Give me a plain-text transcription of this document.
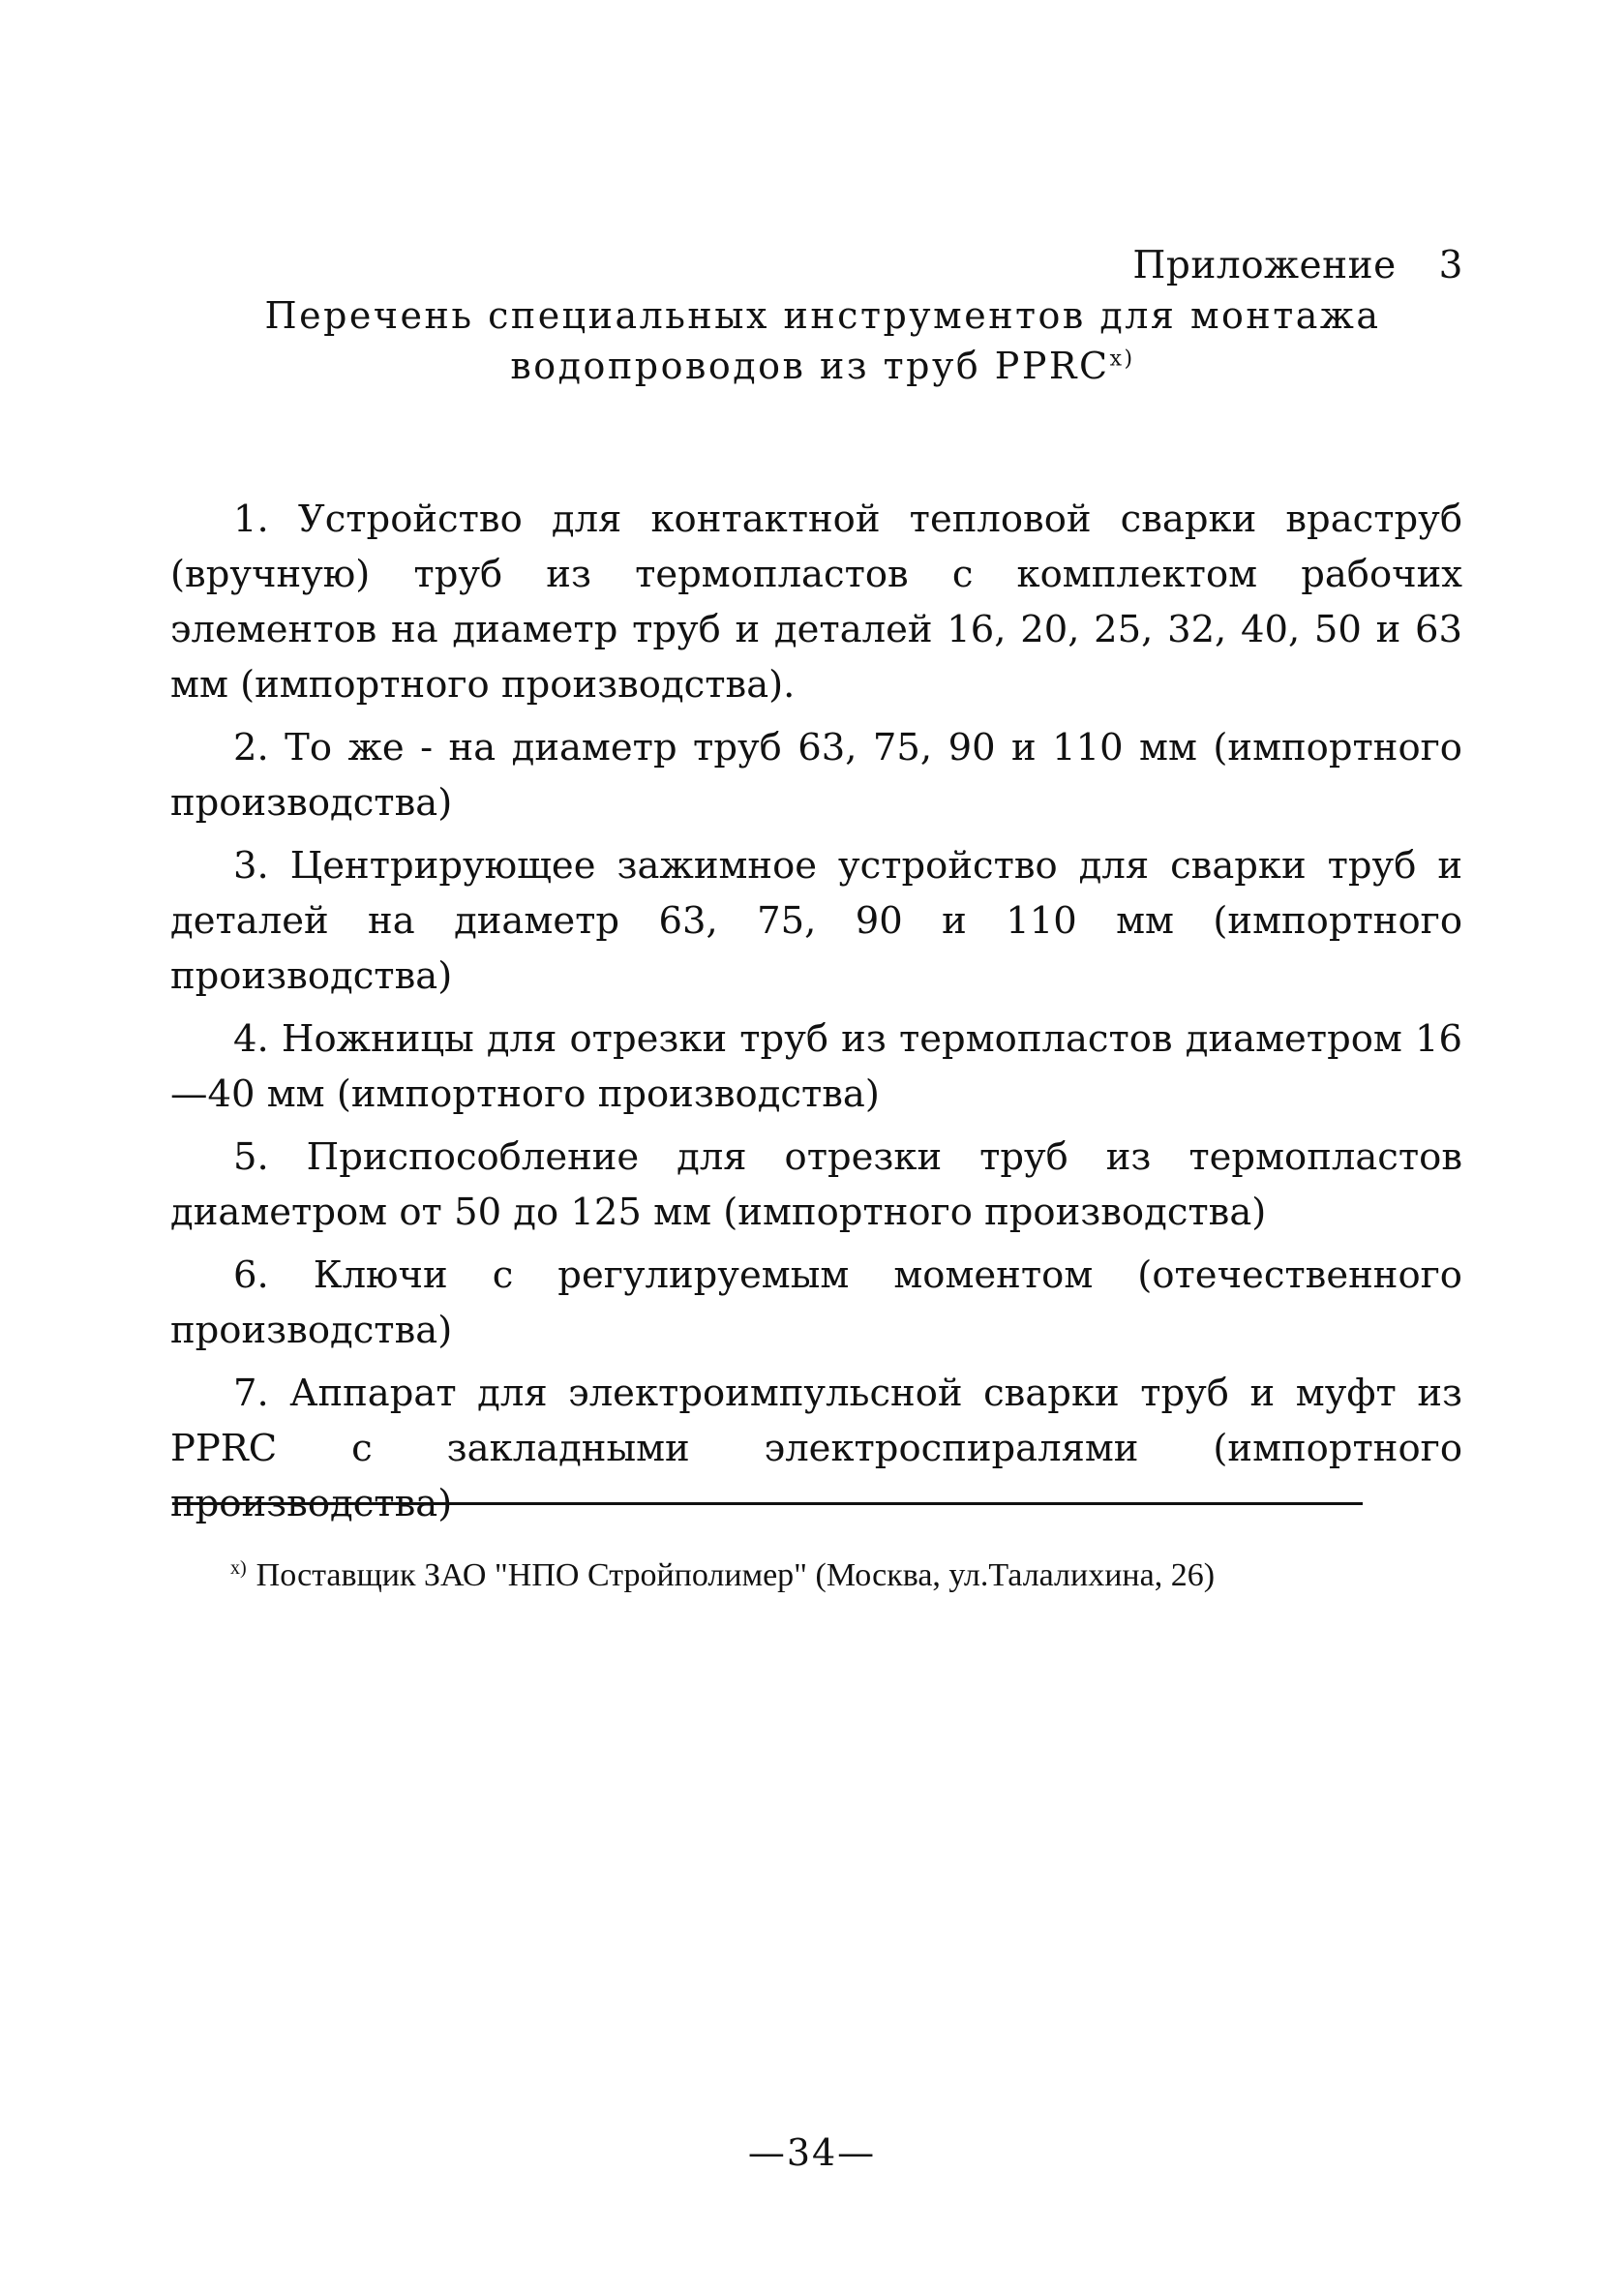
Приложение 3
Перечень специальных инструментов для монтажа
водопроводов из труб $PPRC^{х)}$

1. Устройство для контактной тепловой сварки враструб (вручную) труб из термопластов с комплектом рабочих элементов на диаметр труб и деталей 16, 20, 25, 32, 40, 50 и 63 мм (импортного производства).

2. То же - на диаметр труб 63, 75, 90 и 110 мм (импортного производства)

3. Центрирующее зажимное устройство для сварки труб и деталей на диаметр 63, 75, 90 и 110 мм (импортного производства)

4. Ножницы для отрезки труб из термопластов диаметром 16—40 мм (импортного производства)

5. Приспособление для отрезки труб из термопластов диаметром от 50 до 125 мм (импортного производства)

6. Ключи с регулируемым моментом (отечественного производства)

7. Аппарат для электроимпульсной сварки труб и муфт из PPRC с закладными электроспиралями (импортного производства)

$^{х)}$ Поставщик ЗАО "НПО Стройполимер" (Москва, ул.Талалихина, 26)
—34—
